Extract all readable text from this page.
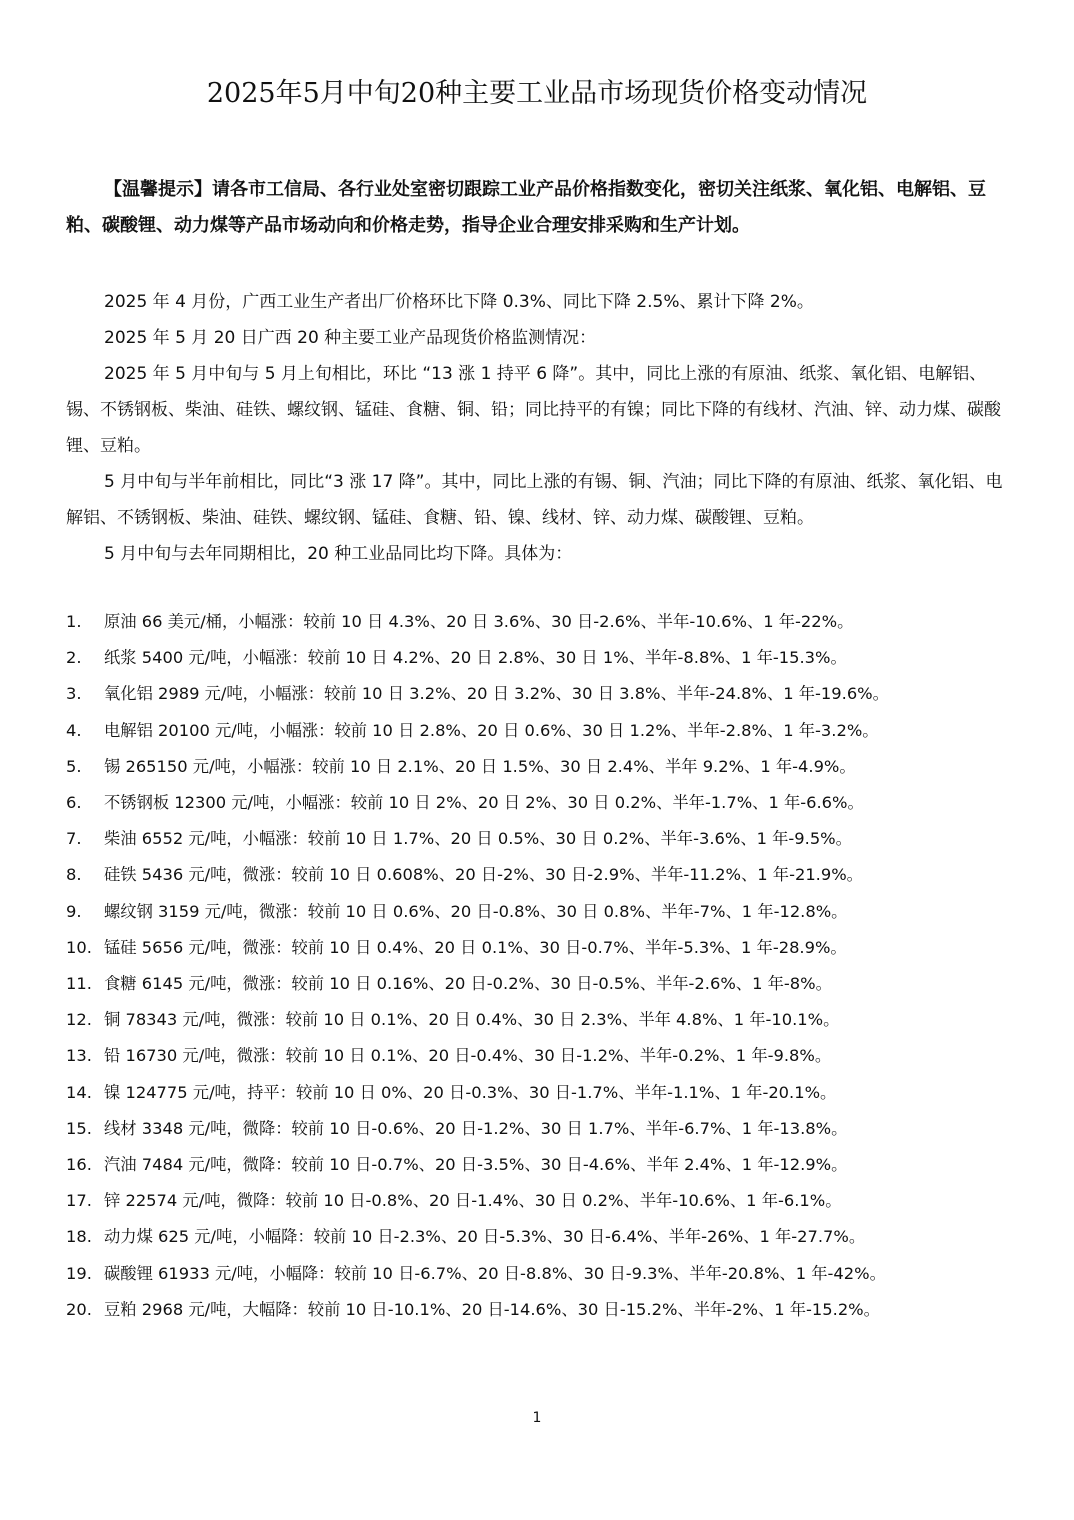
2025年5月中旬20种主要工业品市场现货价格变动情况
【温馨提示】请各市工信局、各行业处室密切跟踪工业产品价格指数变化，密切关注纸浆、氧化铝、电解铝、豆粕、碳酸锂、动力煤等产品市场动向和价格走势，指导企业合理安排采购和生产计划。

2025 年 4 月份，广西工业生产者出厂价格环比下降 0.3%、同比下降 2.5%、累计下降 2%。

2025 年 5 月 20 日广西 20 种主要工业产品现货价格监测情况：

2025 年 5 月中旬与 5 月上旬相比，环比 “13 涨 1 持平 6 降”。其中，同比上涨的有原油、纸浆、氧化铝、电解铝、锡、不锈钢板、柴油、硅铁、螺纹钢、锰硅、食糖、铜、铅；同比持平的有镍；同比下降的有线材、汽油、锌、动力煤、碳酸锂、豆粕。

5 月中旬与半年前相比，同比“3 涨 17 降”。其中，同比上涨的有锡、铜、汽油；同比下降的有原油、纸浆、氧化铝、电解铝、不锈钢板、柴油、硅铁、螺纹钢、锰硅、食糖、铅、镍、线材、锌、动力煤、碳酸锂、豆粕。

5 月中旬与去年同期相比，20 种工业品同比均下降。具体为：

1.	原油 66 美元/桶，小幅涨：较前 10 日 4.3%、20 日 3.6%、30 日-2.6%、半年-10.6%、1 年-22%。
2.	纸浆 5400 元/吨，小幅涨：较前 10 日 4.2%、20 日 2.8%、30 日 1%、半年-8.8%、1 年-15.3%。
3.	氧化铝 2989 元/吨，小幅涨：较前 10 日 3.2%、20 日 3.2%、30 日 3.8%、半年-24.8%、1 年-19.6%。
4.	电解铝 20100 元/吨，小幅涨：较前 10 日 2.8%、20 日 0.6%、30 日 1.2%、半年-2.8%、1 年-3.2%。
5.	锡 265150 元/吨，小幅涨：较前 10 日 2.1%、20 日 1.5%、30 日 2.4%、半年 9.2%、1 年-4.9%。
6.	不锈钢板 12300 元/吨，小幅涨：较前 10 日 2%、20 日 2%、30 日 0.2%、半年-1.7%、1 年-6.6%。
7.	柴油 6552 元/吨，小幅涨：较前 10 日 1.7%、20 日 0.5%、30 日 0.2%、半年-3.6%、1 年-9.5%。
8.	硅铁 5436 元/吨，微涨：较前 10 日 0.608%、20 日-2%、30 日-2.9%、半年-11.2%、1 年-21.9%。
9.	螺纹钢 3159 元/吨，微涨：较前 10 日 0.6%、20 日-0.8%、30 日 0.8%、半年-7%、1 年-12.8%。
10. 锰硅 5656 元/吨，微涨：较前 10 日 0.4%、20 日 0.1%、30 日-0.7%、半年-5.3%、1 年-28.9%。
11. 食糖 6145 元/吨，微涨：较前 10 日 0.16%、20 日-0.2%、30 日-0.5%、半年-2.6%、1 年-8%。
12. 铜 78343 元/吨，微涨：较前 10 日 0.1%、20 日 0.4%、30 日 2.3%、半年 4.8%、1 年-10.1%。
13. 铅 16730 元/吨，微涨：较前 10 日 0.1%、20 日-0.4%、30 日-1.2%、半年-0.2%、1 年-9.8%。
14. 镍 124775 元/吨，持平：较前 10 日 0%、20 日-0.3%、30 日-1.7%、半年-1.1%、1 年-20.1%。
15. 线材 3348 元/吨，微降：较前 10 日-0.6%、20 日-1.2%、30 日 1.7%、半年-6.7%、1 年-13.8%。
16. 汽油 7484 元/吨，微降：较前 10 日-0.7%、20 日-3.5%、30 日-4.6%、半年 2.4%、1 年-12.9%。
17. 锌 22574 元/吨，微降：较前 10 日-0.8%、20 日-1.4%、30 日 0.2%、半年-10.6%、1 年-6.1%。
18. 动力煤 625 元/吨，小幅降：较前 10 日-2.3%、20 日-5.3%、30 日-6.4%、半年-26%、1 年-27.7%。
19. 碳酸锂 61933 元/吨，小幅降：较前 10 日-6.7%、20 日-8.8%、30 日-9.3%、半年-20.8%、1 年-42%。
20. 豆粕 2968 元/吨，大幅降：较前 10 日-10.1%、20 日-14.6%、30 日-15.2%、半年-2%、1 年-15.2%。
1
